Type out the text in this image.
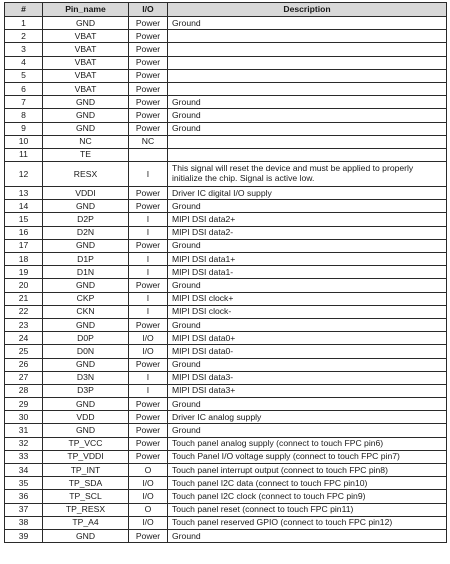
#	Pin_name	I/O	Description
1	GND	Power	Ground
2	VBAT	Power	
3	VBAT	Power	
4	VBAT	Power	
5	VBAT	Power	
6	VBAT	Power	
7	GND	Power	Ground
8	GND	Power	Ground
9	GND	Power	Ground
10	NC	NC	
11	TE		
12	RESX	I	This signal will reset the device and must be applied to properly initialize the chip. Signal is active low.
13	VDDI	Power	Driver IC digital I/O supply
14	GND	Power	Ground
15	D2P	I	MIPI DSI data2+
16	D2N	I	MIPI DSI data2-
17	GND	Power	Ground
18	D1P	I	MIPI DSI data1+
19	D1N	I	MIPI DSI data1-
20	GND	Power	Ground
21	CKP	I	MIPI DSI clock+
22	CKN	I	MIPI DSI clock-
23	GND	Power	Ground
24	D0P	I/O	MIPI DSI data0+
25	D0N	I/O	MIPI DSI data0-
26	GND	Power	Ground
27	D3N	I	MIPI DSI data3-
28	D3P	I	MIPI DSI data3+
29	GND	Power	Ground
30	VDD	Power	Driver IC analog supply
31	GND	Power	Ground
32	TP_VCC	Power	Touch panel analog supply (connect to touch FPC pin6)
33	TP_VDDI	Power	Touch Panel I/O voltage supply (connect to touch FPC pin7)
34	TP_INT	O	Touch panel interrupt output (connect to touch FPC pin8)
35	TP_SDA	I/O	Touch panel I2C data (connect to touch FPC pin10)
36	TP_SCL	I/O	Touch panel I2C clock (connect to touch FPC pin9)
37	TP_RESX	O	Touch panel reset (connect to touch FPC pin11)
38	TP_A4	I/O	Touch panel reserved GPIO (connect to touch FPC pin12)
39	GND	Power	Ground
